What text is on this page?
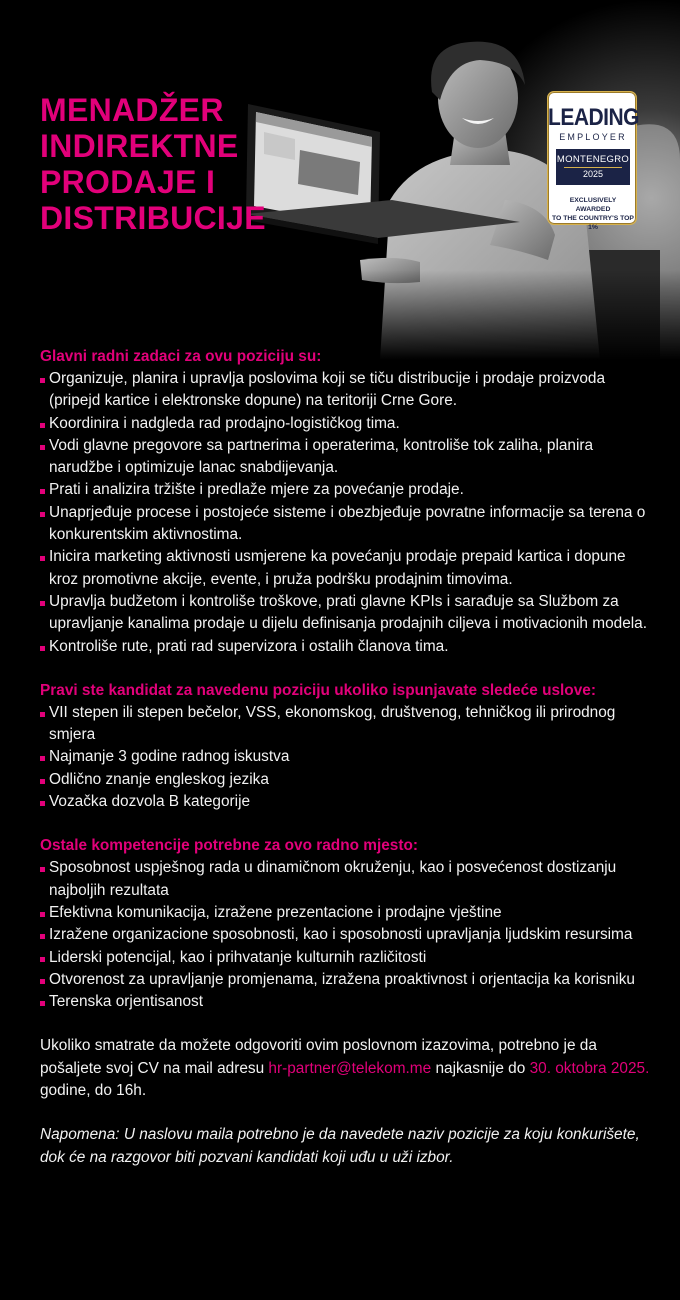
MENADŽER
INDIREKTNE
PRODAJE I
DISTRIBUCIJE
LEADING
EMPLOYER
MONTENEGRO
2025
EXCLUSIVELY AWARDED
TO THE COUNTRY'S TOP 1%
Glavni radni zadaci za ovu poziciju su:
Organizuje, planira i upravlja poslovima koji se tiču distribucije i prodaje proizvoda (pripejd kartice i elektronske dopune) na teritoriji Crne Gore.
Koordinira i nadgleda rad prodajno-logističkog tima.
Vodi glavne pregovore sa partnerima i operaterima, kontroliše tok zaliha, planira narudžbe i optimizuje lanac snabdijevanja.
Prati i analizira tržište i predlaže mjere za povećanje prodaje.
Unaprjeđuje procese i postojeće sisteme i obezbjeđuje povratne informacije sa terena o konkurentskim aktivnostima.
Inicira marketing aktivnosti usmjerene ka povećanju prodaje prepaid kartica i dopune kroz promotivne akcije, evente, i pruža podršku prodajnim timovima.
Upravlja budžetom i kontroliše troškove, prati glavne KPIs i sarađuje sa Službom za upravljanje kanalima prodaje u dijelu definisanja prodajnih ciljeva i motivacionih modela.
Kontroliše rute, prati rad supervizora i ostalih članova tima.
Pravi ste kandidat za navedenu poziciju ukoliko ispunjavate sledeće uslove:
VII stepen ili stepen bečelor, VSS, ekonomskog, društvenog, tehničkog ili prirodnog smjera
Najmanje 3 godine radnog iskustva
Odlično znanje engleskog jezika
Vozačka dozvola B kategorije
Ostale kompetencije potrebne za ovo radno mjesto:
Sposobnost uspješnog rada u dinamičnom okruženju, kao i posvećenost dostizanju najboljih rezultata
Efektivna komunikacija, izražene prezentacione i prodajne vještine
Izražene organizacione sposobnosti, kao i sposobnosti upravljanja ljudskim resursima
Liderski potencijal, kao i prihvatanje kulturnih različitosti
Otvorenost za upravljanje promjenama, izražena proaktivnost i orjentacija ka korisniku
Terenska orjentisanost

Ukoliko smatrate da možete odgovoriti ovim poslovnom izazovima, potrebno je da pošaljete svoj CV na mail adresu hr-partner@telekom.me najkasnije do 30. oktobra 2025. godine, do 16h.

Napomena: U naslovu maila potrebno je da navedete naziv pozicije za koju konkurišete, dok će na razgovor biti pozvani kandidati koji uđu u uži izbor.
